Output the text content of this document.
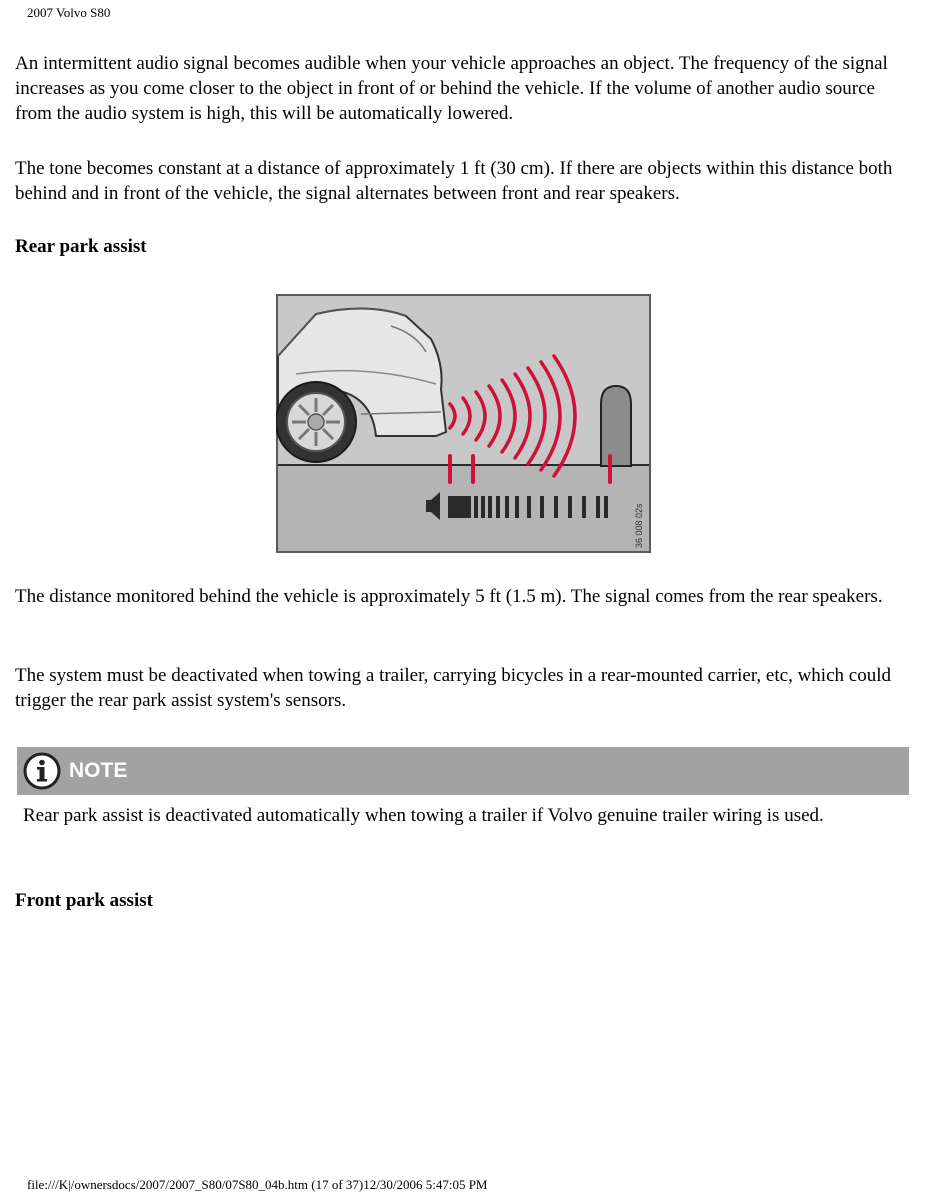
2007 Volvo S80

An intermittent audio signal becomes audible when your vehicle approaches an object. The frequency of the signal increases as you come closer to the object in front of or behind the vehicle. If the volume of another audio source from the audio system is high, this will be automatically lowered.

The tone becomes constant at a distance of approximately 1 ft (30 cm). If there are objects within this distance both behind and in front of the vehicle, the signal alternates between front and rear speakers.

Rear park assist
36 008 02s

The distance monitored behind the vehicle is approximately 5 ft (1.5 m). The signal comes from the rear speakers.

The system must be deactivated when towing a trailer, carrying bicycles in a rear-mounted carrier, etc, which could trigger the rear park assist system's sensors.

NOTE

Rear park assist is deactivated automatically when towing a trailer if Volvo genuine trailer wiring is used.

Front park assist
file:///K|/ownersdocs/2007/2007_S80/07S80_04b.htm (17 of 37)12/30/2006 5:47:05 PM
